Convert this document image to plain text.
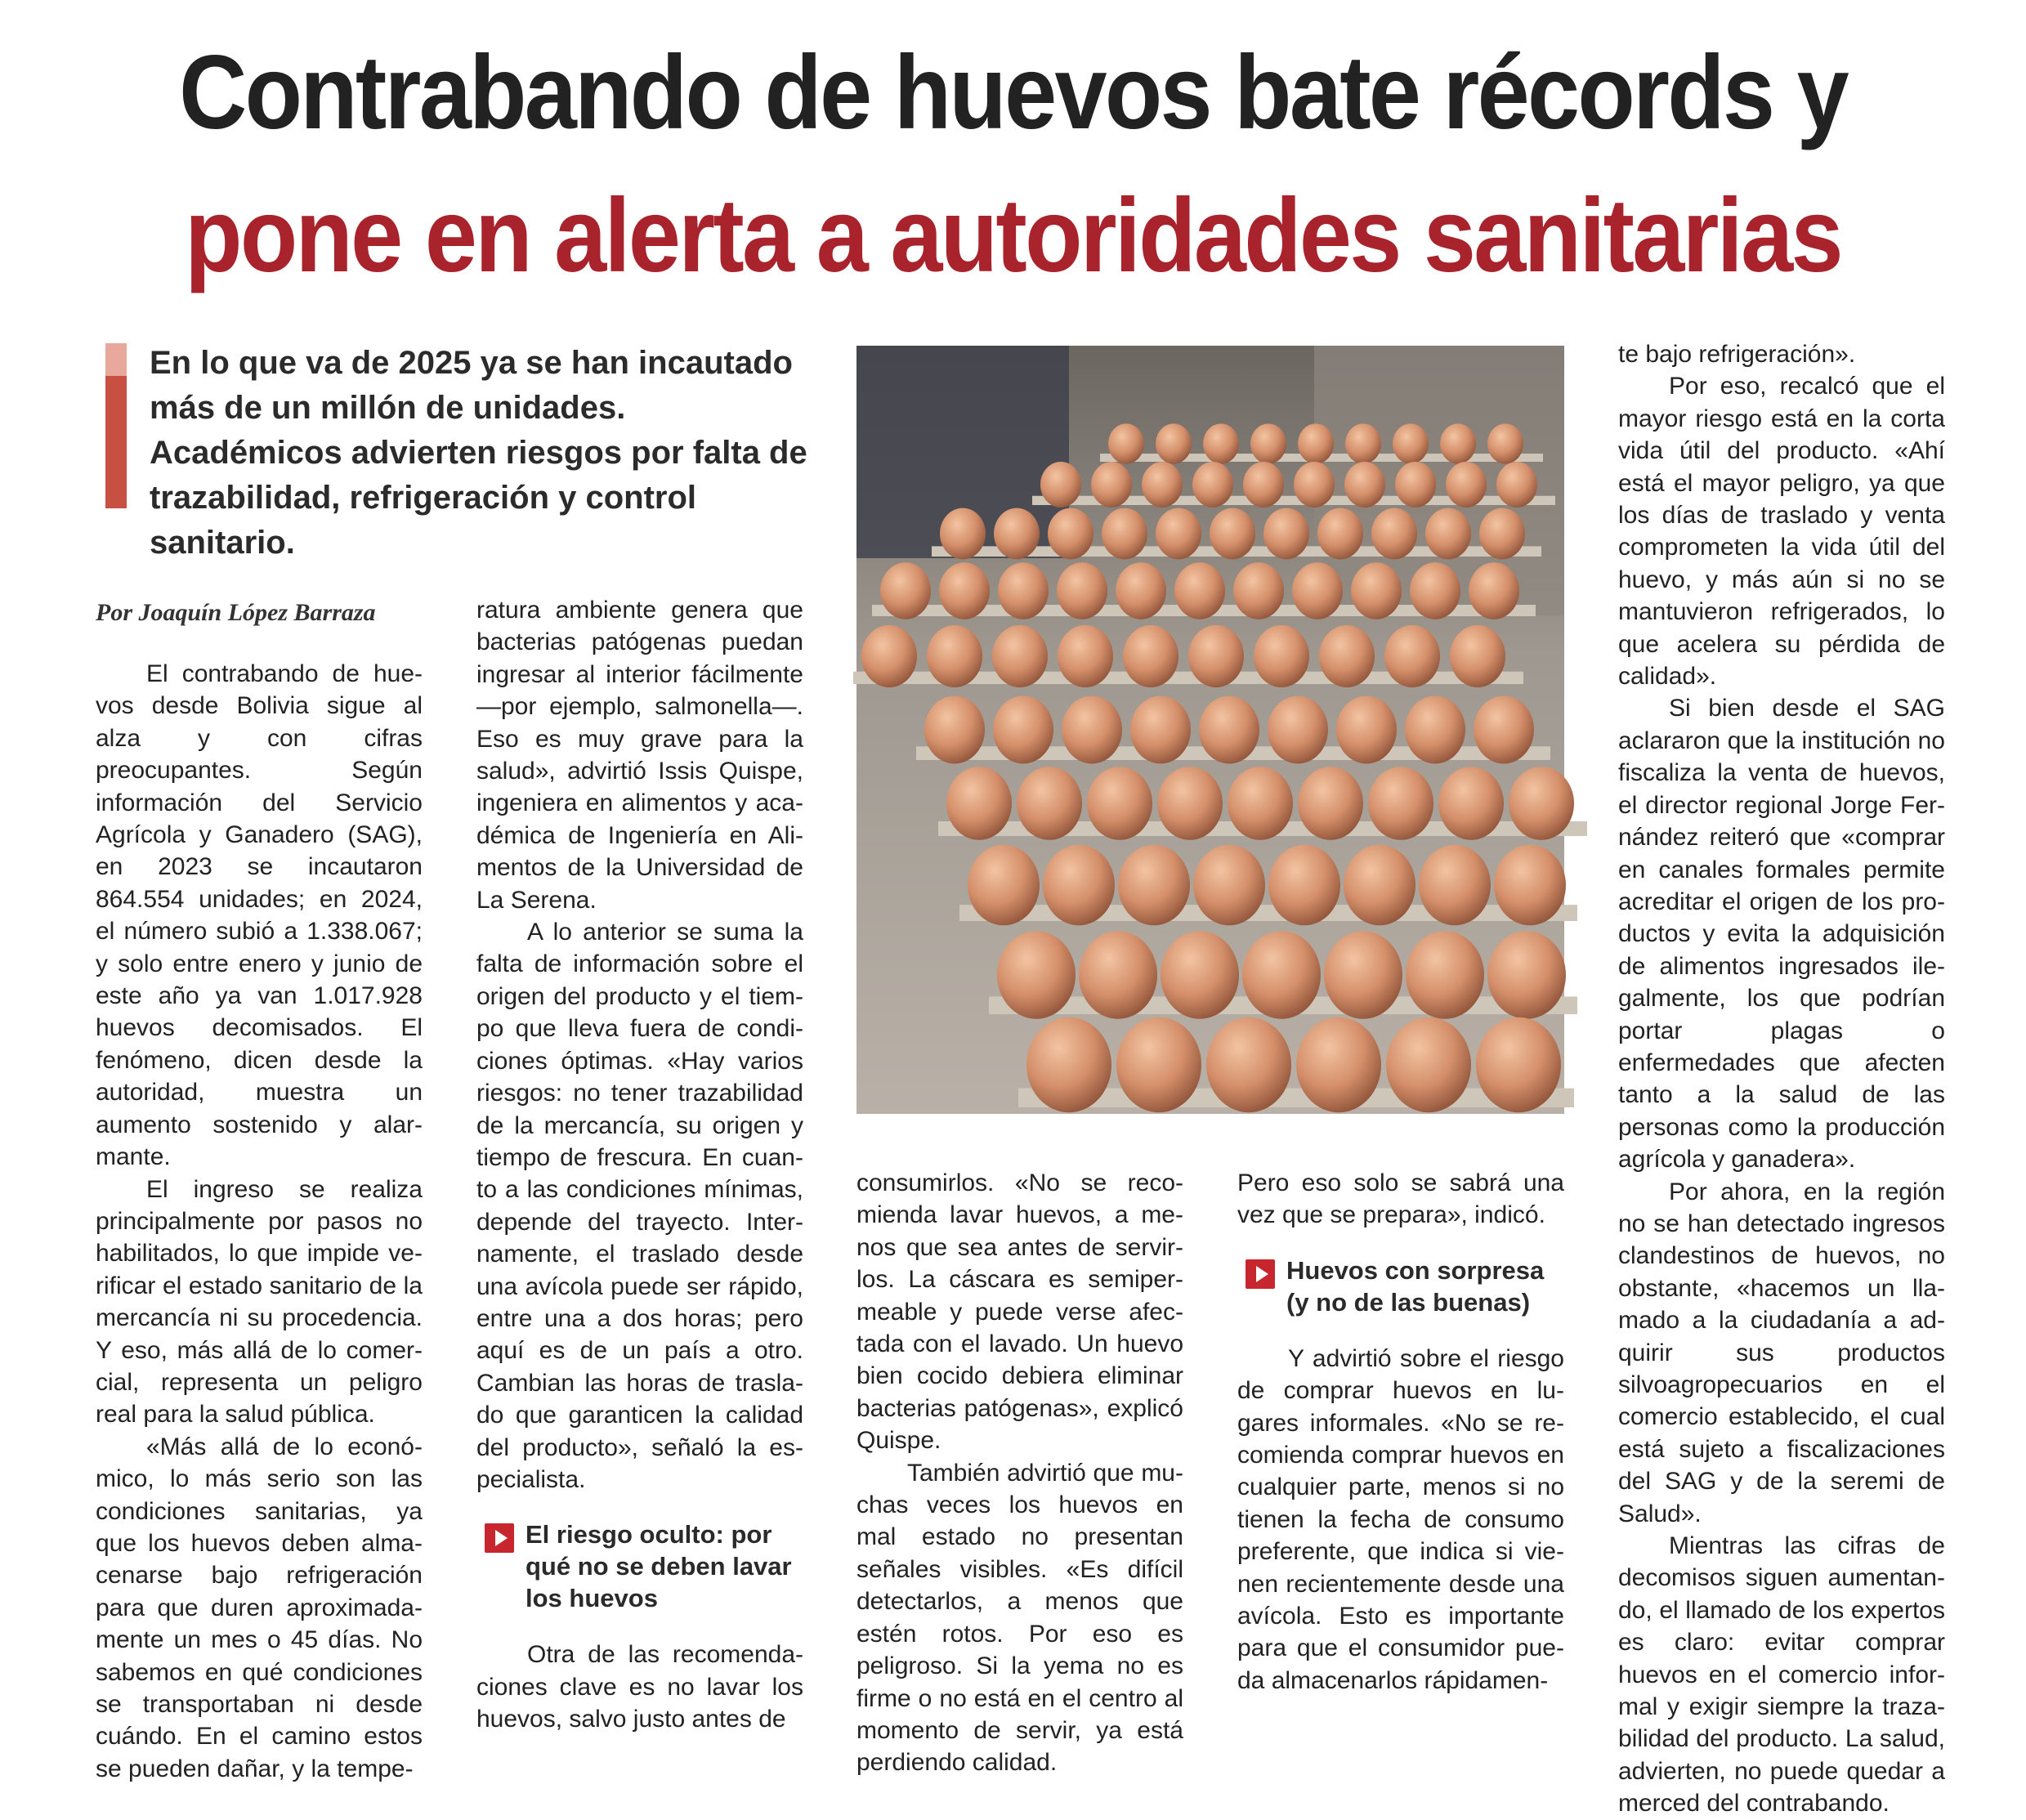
Contrabando de huevos bate récords y
pone en alerta a autoridades sanitarias

En lo que va de 2025 ya se han incautado más de un millón de unidades. Académicos advierten riesgos por falta de trazabilidad, refrigeración y control sanitario.

Por Joaquín López Barraza

El contrabando de huevos desde Bolivia sigue al alza y con cifras preocupantes. Según información del Servicio Agrícola y Ganadero (SAG), en 2023 se incautaron 864.554 unidades; en 2024, el número subió a 1.338.067; y solo entre enero y junio de este año ya van 1.017.928 huevos decomisados. El fenómeno, dicen desde la autoridad, muestra un aumento sostenido y alarmante.

El ingreso se realiza principalmente por pasos no habilitados, lo que impide verificar el estado sanitario de la mercancía ni su procedencia. Y eso, más allá de lo comercial, representa un peligro real para la salud pública.

«Más allá de lo económico, lo más serio son las condiciones sanitarias, ya que los huevos deben almacenarse bajo refrigeración para que duren aproximadamente un mes o 45 días. No sabemos en qué condiciones se transportaban ni desde cuándo. En el camino estos se pueden dañar, y la tempe-

ratura ambiente genera que bacterias patógenas puedan ingresar al interior fácilmente —por ejemplo, salmonella—. Eso es muy grave para la salud», advirtió Issis Quispe, ingeniera en alimentos y académica de Ingeniería en Alimentos de la Universidad de La Serena.

A lo anterior se suma la falta de información sobre el origen del producto y el tiempo que lleva fuera de condiciones óptimas. «Hay varios riesgos: no tener trazabilidad de la mercancía, su origen y tiempo de frescura. En cuanto a las condiciones mínimas, depende del trayecto. Internamente, el traslado desde una avícola puede ser rápido, entre una a dos horas; pero aquí es de un país a otro. Cambian las horas de traslado que garanticen la calidad del producto», señaló la especialista.

El riesgo oculto: por qué no se deben lavar los huevos

Otra de las recomendaciones clave es no lavar los huevos, salvo justo antes de

consumirlos. «No se recomienda lavar huevos, a menos que sea antes de servirlos. La cáscara es semipermeable y puede verse afectada con el lavado. Un huevo bien cocido debiera eliminar bacterias patógenas», explicó Quispe.

También advirtió que muchas veces los huevos en mal estado no presentan señales visibles. «Es difícil detectarlos, a menos que estén rotos. Por eso es peligroso. Si la yema no es firme o no está en el centro al momento de servir, ya está perdiendo calidad.

Pero eso solo se sabrá una vez que se prepara», indicó.

Huevos con sorpresa (y no de las buenas)

Y advirtió sobre el riesgo de comprar huevos en lugares informales. «No se recomienda comprar huevos en cualquier parte, menos si no tienen la fecha de consumo preferente, que indica si vienen recientemente desde una avícola. Esto es importante para que el consumidor pueda almacenarlos rápidamen-

te bajo refrigeración».

Por eso, recalcó que el mayor riesgo está en la corta vida útil del producto. «Ahí está el mayor peligro, ya que los días de traslado y venta comprometen la vida útil del huevo, y más aún si no se mantuvieron refrigerados, lo que acelera su pérdida de calidad».

Si bien desde el SAG aclararon que la institución no fiscaliza la venta de huevos, el director regional Jorge Fernández reiteró que «comprar en canales formales permite acreditar el origen de los productos y evita la adquisición de alimentos ingresados ilegalmente, los que podrían portar plagas o enfermedades que afecten tanto a la salud de las personas como la producción agrícola y ganadera».

Por ahora, en la región no se han detectado ingresos clandestinos de huevos, no obstante, «hacemos un llamado a la ciudadanía a adquirir sus productos silvoagropecuarios en el comercio establecido, el cual está sujeto a fiscalizaciones del SAG y de la seremi de Salud».

Mientras las cifras de decomisos siguen aumentando, el llamado de los expertos es claro: evitar comprar huevos en el comercio informal y exigir siempre la trazabilidad del producto. La salud, advierten, no puede quedar a merced del contrabando.
